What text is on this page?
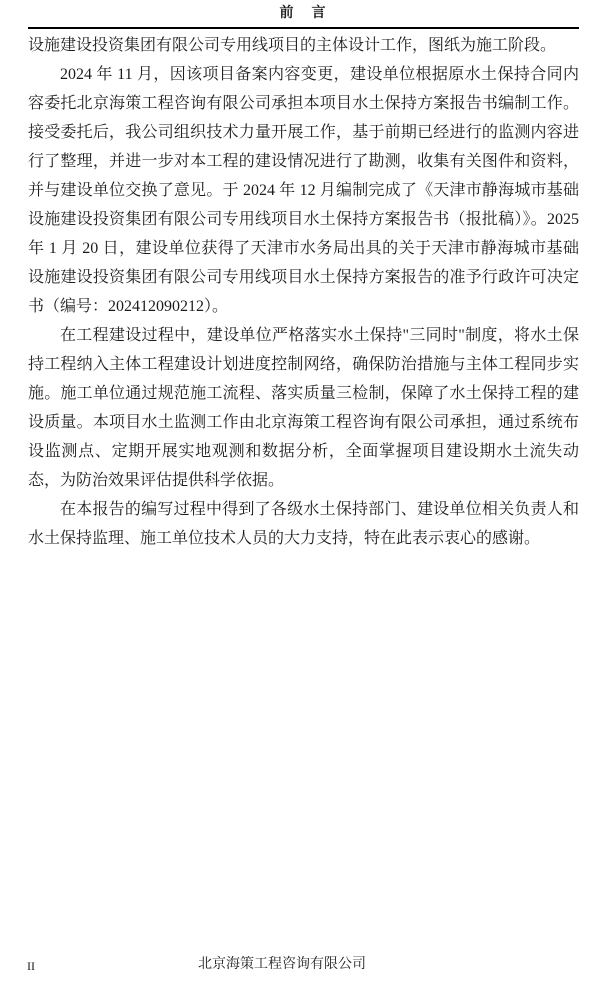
前　言

设施建设投资集团有限公司专用线项目的主体设计工作，图纸为施工阶段。

2024 年 11 月，因该项目备案内容变更，建设单位根据原水土保持合同内容委托北京海策工程咨询有限公司承担本项目水土保持方案报告书编制工作。接受委托后，我公司组织技术力量开展工作，基于前期已经进行的监测内容进行了整理，并进一步对本工程的建设情况进行了勘测，收集有关图件和资料，并与建设单位交换了意见。于 2024 年 12 月编制完成了《天津市静海城市基础设施建设投资集团有限公司专用线项目水土保持方案报告书（报批稿）》。2025 年 1 月 20 日，建设单位获得了天津市水务局出具的关于天津市静海城市基础设施建设投资集团有限公司专用线项目水土保持方案报告的准予行政许可决定书（编号：202412090212）。

在工程建设过程中，建设单位严格落实水土保持"三同时"制度，将水土保持工程纳入主体工程建设计划进度控制网络，确保防治措施与主体工程同步实施。施工单位通过规范施工流程、落实质量三检制，保障了水土保持工程的建设质量。本项目水土监测工作由北京海策工程咨询有限公司承担，通过系统布设监测点、定期开展实地观测和数据分析，全面掌握项目建设期水土流失动态，为防治效果评估提供科学依据。

在本报告的编写过程中得到了各级水土保持部门、建设单位相关负责人和水土保持监理、施工单位技术人员的大力支持，特在此表示衷心的感谢。

II	北京海策工程咨询有限公司
